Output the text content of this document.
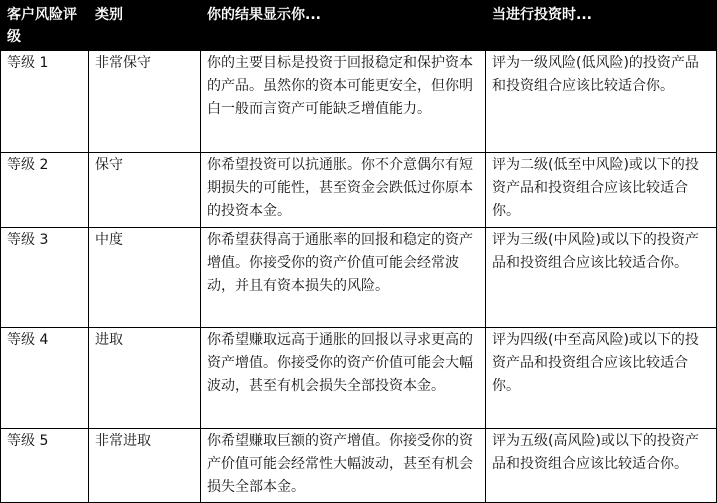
客户风险评级	类别	你的结果显示你...	当进行投资时...
等级 1	非常保守	你的主要目标是投资于回报稳定和保护资本的产品。虽然你的资本可能更安全，但你明白一般而言资产可能缺乏增值能力。	评为一级风险(低风险)的投资产品和投资组合应该比较适合你。
等级 2	保守	你希望投资可以抗通胀。你不介意偶尔有短期损失的可能性，甚至资金会跌低过你原本的投资本金。	评为二级(低至中风险)或以下的投资产品和投资组合应该比较适合你。
等级 3	中度	你希望获得高于通胀率的回报和稳定的资产增值。你接受你的资产价值可能会经常波动，并且有资本损失的风险。	评为三级(中风险)或以下的投资产品和投资组合应该比较适合你。
等级 4	进取	你希望赚取远高于通胀的回报以寻求更高的资产增值。你接受你的资产价值可能会大幅波动，甚至有机会损失全部投资本金。	评为四级(中至高风险)或以下的投资产品和投资组合应该比较适合你。
等级 5	非常进取	你希望赚取巨额的资产增值。你接受你的资产价值可能会经常性大幅波动，甚至有机会损失全部本金。	评为五级(高风险)或以下的投资产品和投资组合应该比较适合你。
